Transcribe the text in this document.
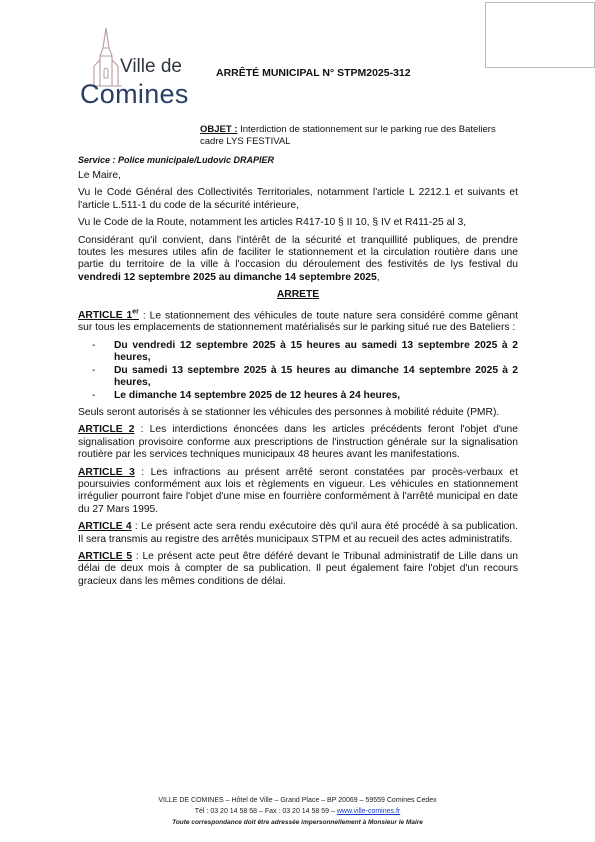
Ville de
Comines
ARRÊTÉ MUNICIPAL N° STPM2025-312
OBJET : Interdiction de stationnement sur le parking rue des Bateliers cadre LYS FESTIVAL
Service : Police municipale/Ludovic DRAPIER

Le Maire,

Vu le Code Général des Collectivités Territoriales, notamment l'article L 2212.1 et suivants et l'article L.511-1 du code de la sécurité intérieure,

Vu le Code de la Route, notamment les articles R417-10 § II 10, § IV et R411-25 al 3,

Considérant qu'il convient, dans l'intérêt de la sécurité et tranquillité publiques, de prendre toutes les mesures utiles afin de faciliter le stationnement et la circulation routière dans une partie du territoire de la ville à l'occasion du déroulement des festivités de lys festival du vendredi 12 septembre 2025 au dimanche 14 septembre 2025,

ARRETE

ARTICLE 1er : Le stationnement des véhicules de toute nature sera considéré comme gênant sur tous les emplacements de stationnement matérialisés sur le parking situé rue des Bateliers :

- Du vendredi 12 septembre 2025 à 15 heures au samedi 13 septembre 2025 à 2 heures,
- Du samedi 13 septembre 2025 à 15 heures au dimanche 14 septembre 2025 à 2 heures,
- Le dimanche 14 septembre 2025 de 12 heures à 24 heures,

Seuls seront autorisés à se stationner les véhicules des personnes à mobilité réduite (PMR).

ARTICLE 2 : Les interdictions énoncées dans les articles précédents feront l'objet d'une signalisation provisoire conforme aux prescriptions de l'instruction générale sur la signalisation routière par les services techniques municipaux 48 heures avant les manifestations.

ARTICLE 3 : Les infractions au présent arrêté seront constatées par procès-verbaux et poursuivies conformément aux lois et règlements en vigueur. Les véhicules en stationnement irrégulier pourront faire l'objet d'une mise en fourrière conformément à l'arrêté municipal en date du 27 Mars 1995.

ARTICLE 4 : Le présent acte sera rendu exécutoire dès qu'il aura été procédé à sa publication. Il sera transmis au registre des arrêtés municipaux STPM et au recueil des actes administratifs.

ARTICLE 5 : Le présent acte peut être déféré devant le Tribunal administratif de Lille dans un délai de deux mois à compter de sa publication. Il peut également faire l'objet d'un recours gracieux dans les mêmes conditions de délai.

VILLE DE COMINES – Hôtel de Ville – Grand Place – BP 20069 – 59559 Comines Cedex
Tél : 03 20 14 58 58 – Fax : 03 20 14 58 59 – www.ville-comines.fr
Toute correspondance doit être adressée impersonnellement à Monsieur le Maire
